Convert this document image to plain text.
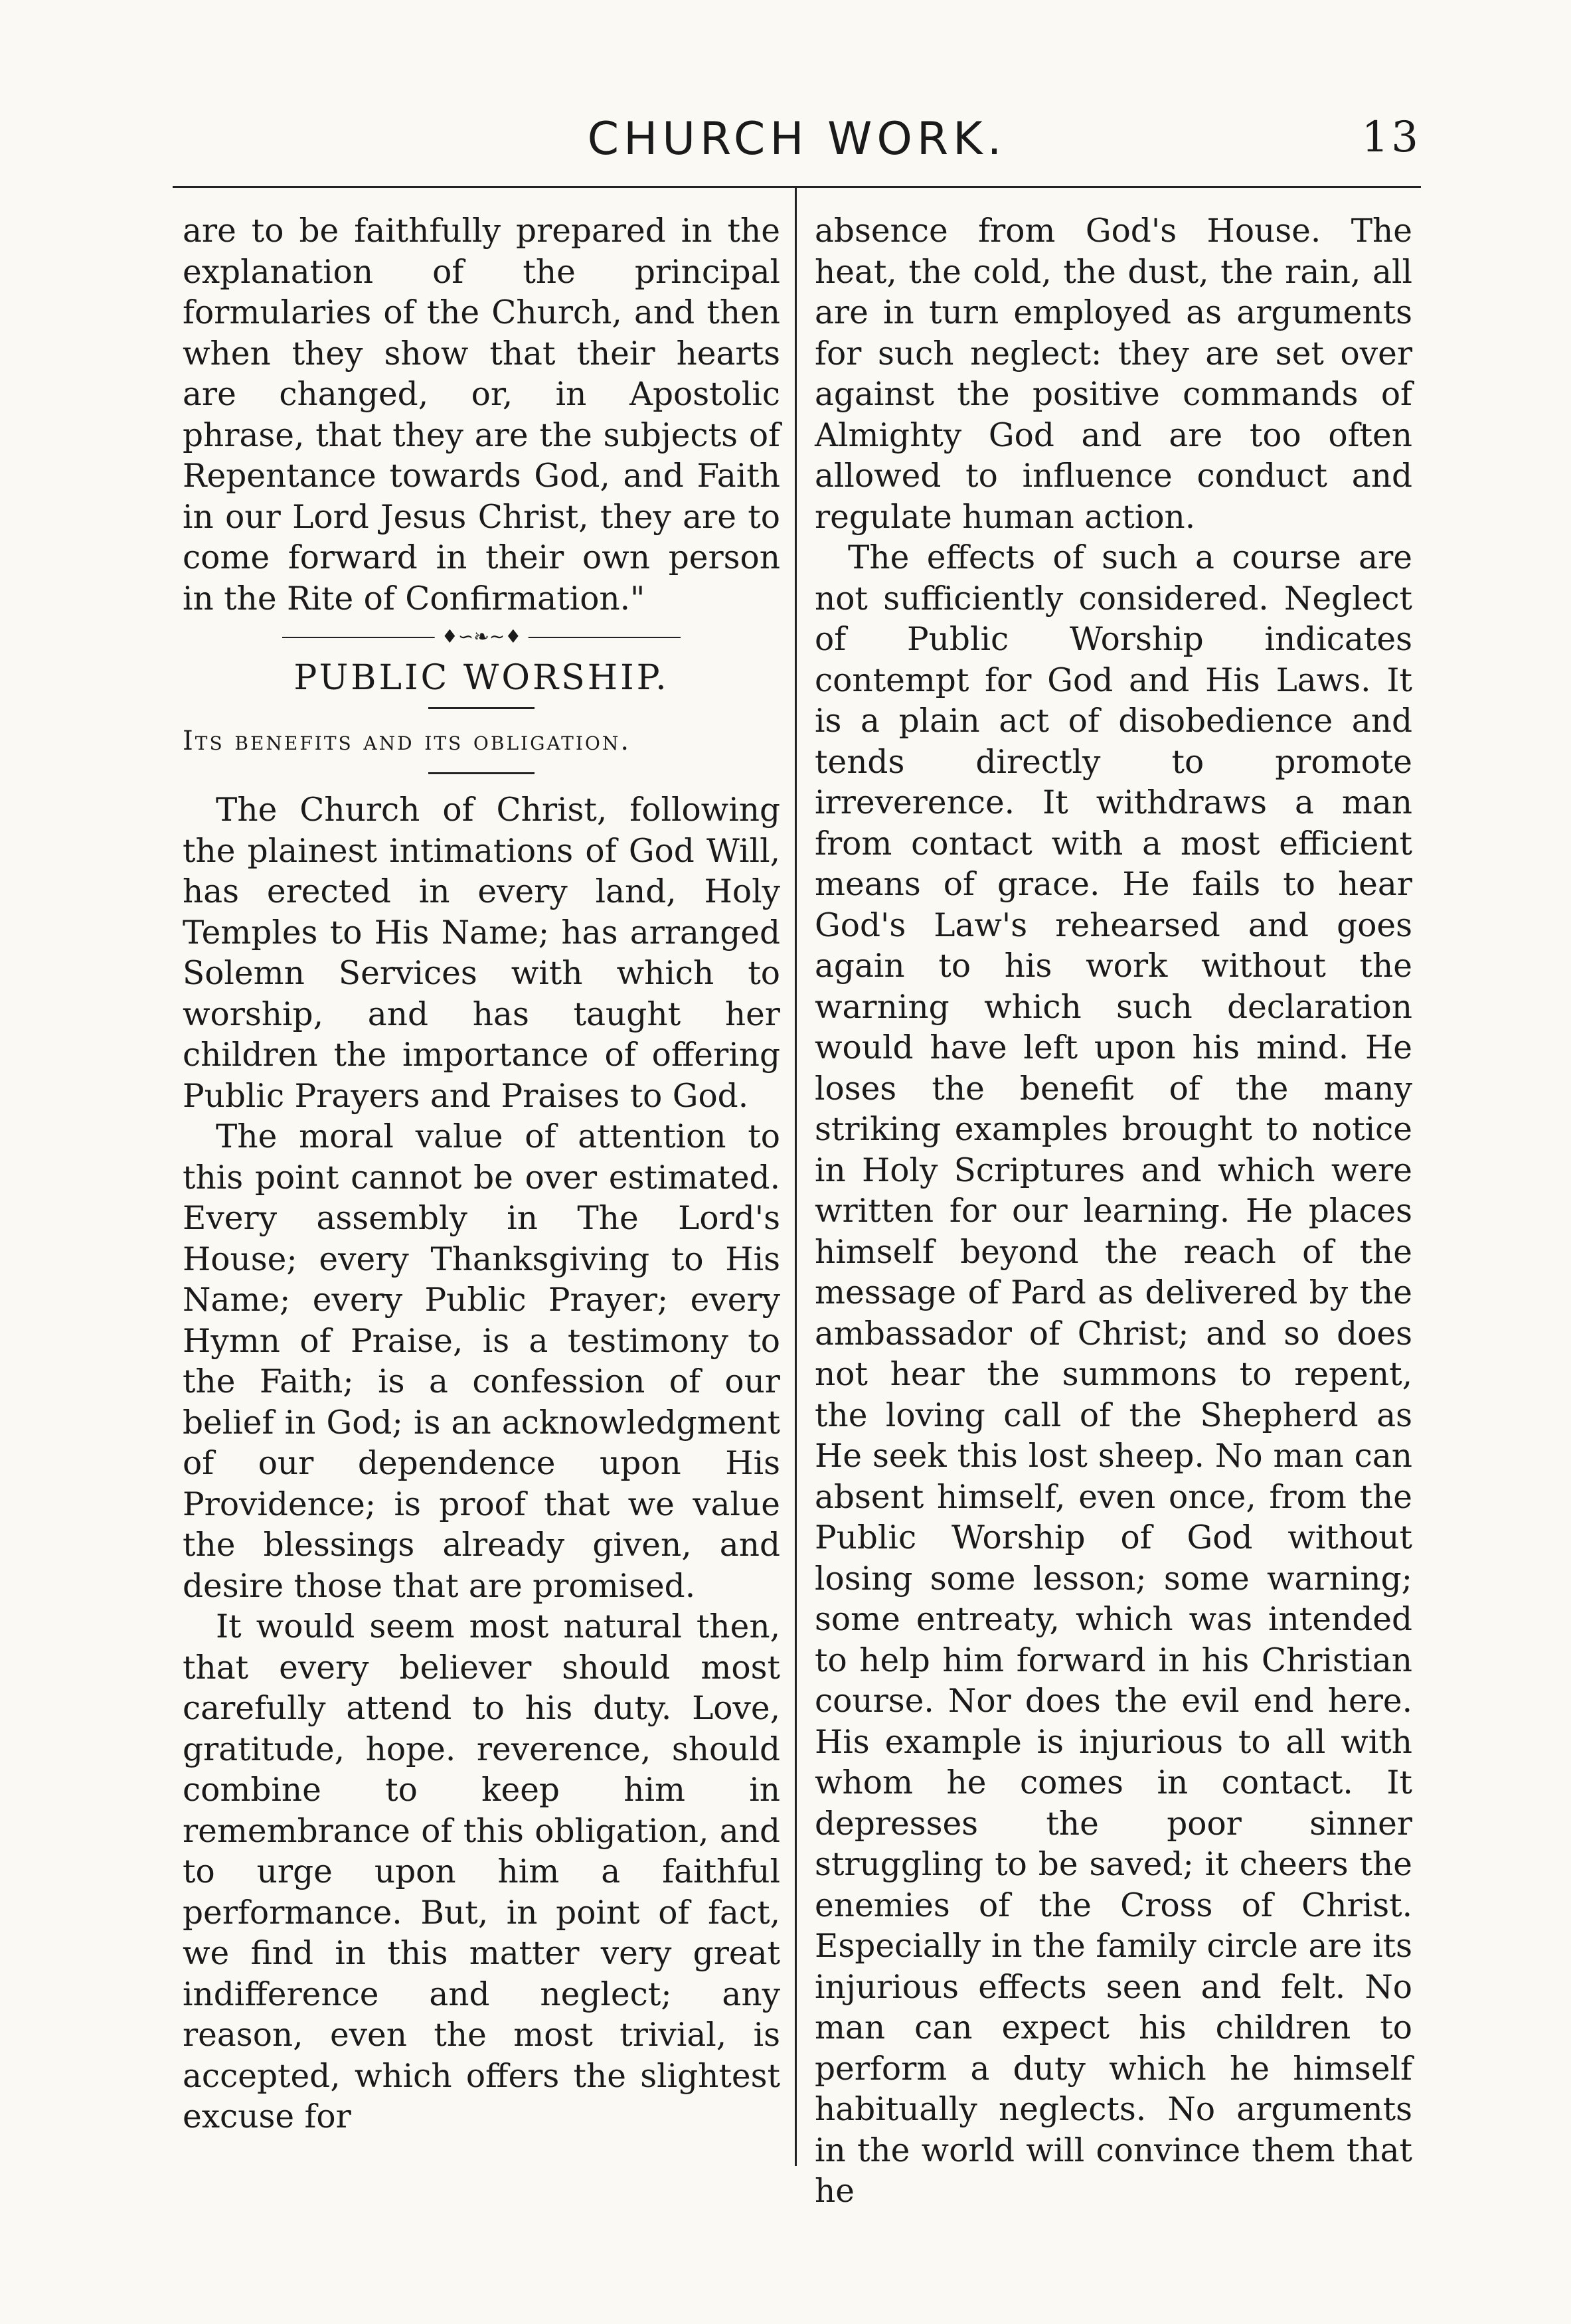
CHURCH WORK.	13

are to be faithfully prepared in the explanation of the principal formularies of the Church, and then when they show that their hearts are changed, or, in Apostolic phrase, that they are the subjects of Repentance towards God, and Faith in our Lord Jesus Christ, they are to come forward in their own person in the Rite of Confirmation."

♦∽❧∼♦
PUBLIC WORSHIP.
Its benefits and its obligation.

The Church of Christ, following the plainest intimations of God Will, has erected in every land, Holy Temples to His Name; has arranged Solemn Services with which to worship, and has taught her children the importance of offering Public Prayers and Praises to God.

The moral value of attention to this point cannot be over estimated. Every assembly in The Lord's House; every Thanksgiving to His Name; every Public Prayer; every Hymn of Praise, is a testimony to the Faith; is a confession of our belief in God; is an acknowledgment of our dependence upon His Providence; is proof that we value the blessings already given, and desire those that are promised.

It would seem most natural then, that every believer should most carefully attend to his duty. Love, gratitude, hope. reverence, should combine to keep him in remembrance of this obligation, and to urge upon him a faithful performance. But, in point of fact, we find in this matter very great indifference and neglect; any reason, even the most trivial, is accepted, which offers the slightest excuse for

absence from God's House. The heat, the cold, the dust, the rain, all are in turn employed as arguments for such neglect: they are set over against the positive commands of Almighty God and are too often allowed to influence conduct and regulate human action.

The effects of such a course are not sufficiently considered. Neglect of Public Worship indicates contempt for God and His Laws. It is a plain act of disobedience and tends directly to promote irreverence. It withdraws a man from contact with a most efficient means of grace. He fails to hear God's Law's rehearsed and goes again to his work without the warning which such declaration would have left upon his mind. He loses the benefit of the many striking examples brought to notice in Holy Scriptures and which were written for our learning. He places himself beyond the reach of the message of Pard as delivered by the ambassador of Christ; and so does not hear the summons to repent, the loving call of the Shepherd as He seek this lost sheep. No man can absent himself, even once, from the Public Worship of God without losing some lesson; some warning; some entreaty, which was intended to help him forward in his Christian course. Nor does the evil end here. His example is injurious to all with whom he comes in contact. It depresses the poor sinner struggling to be saved; it cheers the enemies of the Cross of Christ. Especially in the family circle are its injurious effects seen and felt. No man can expect his children to perform a duty which he himself habitually neglects. No arguments in the world will convince them that he
